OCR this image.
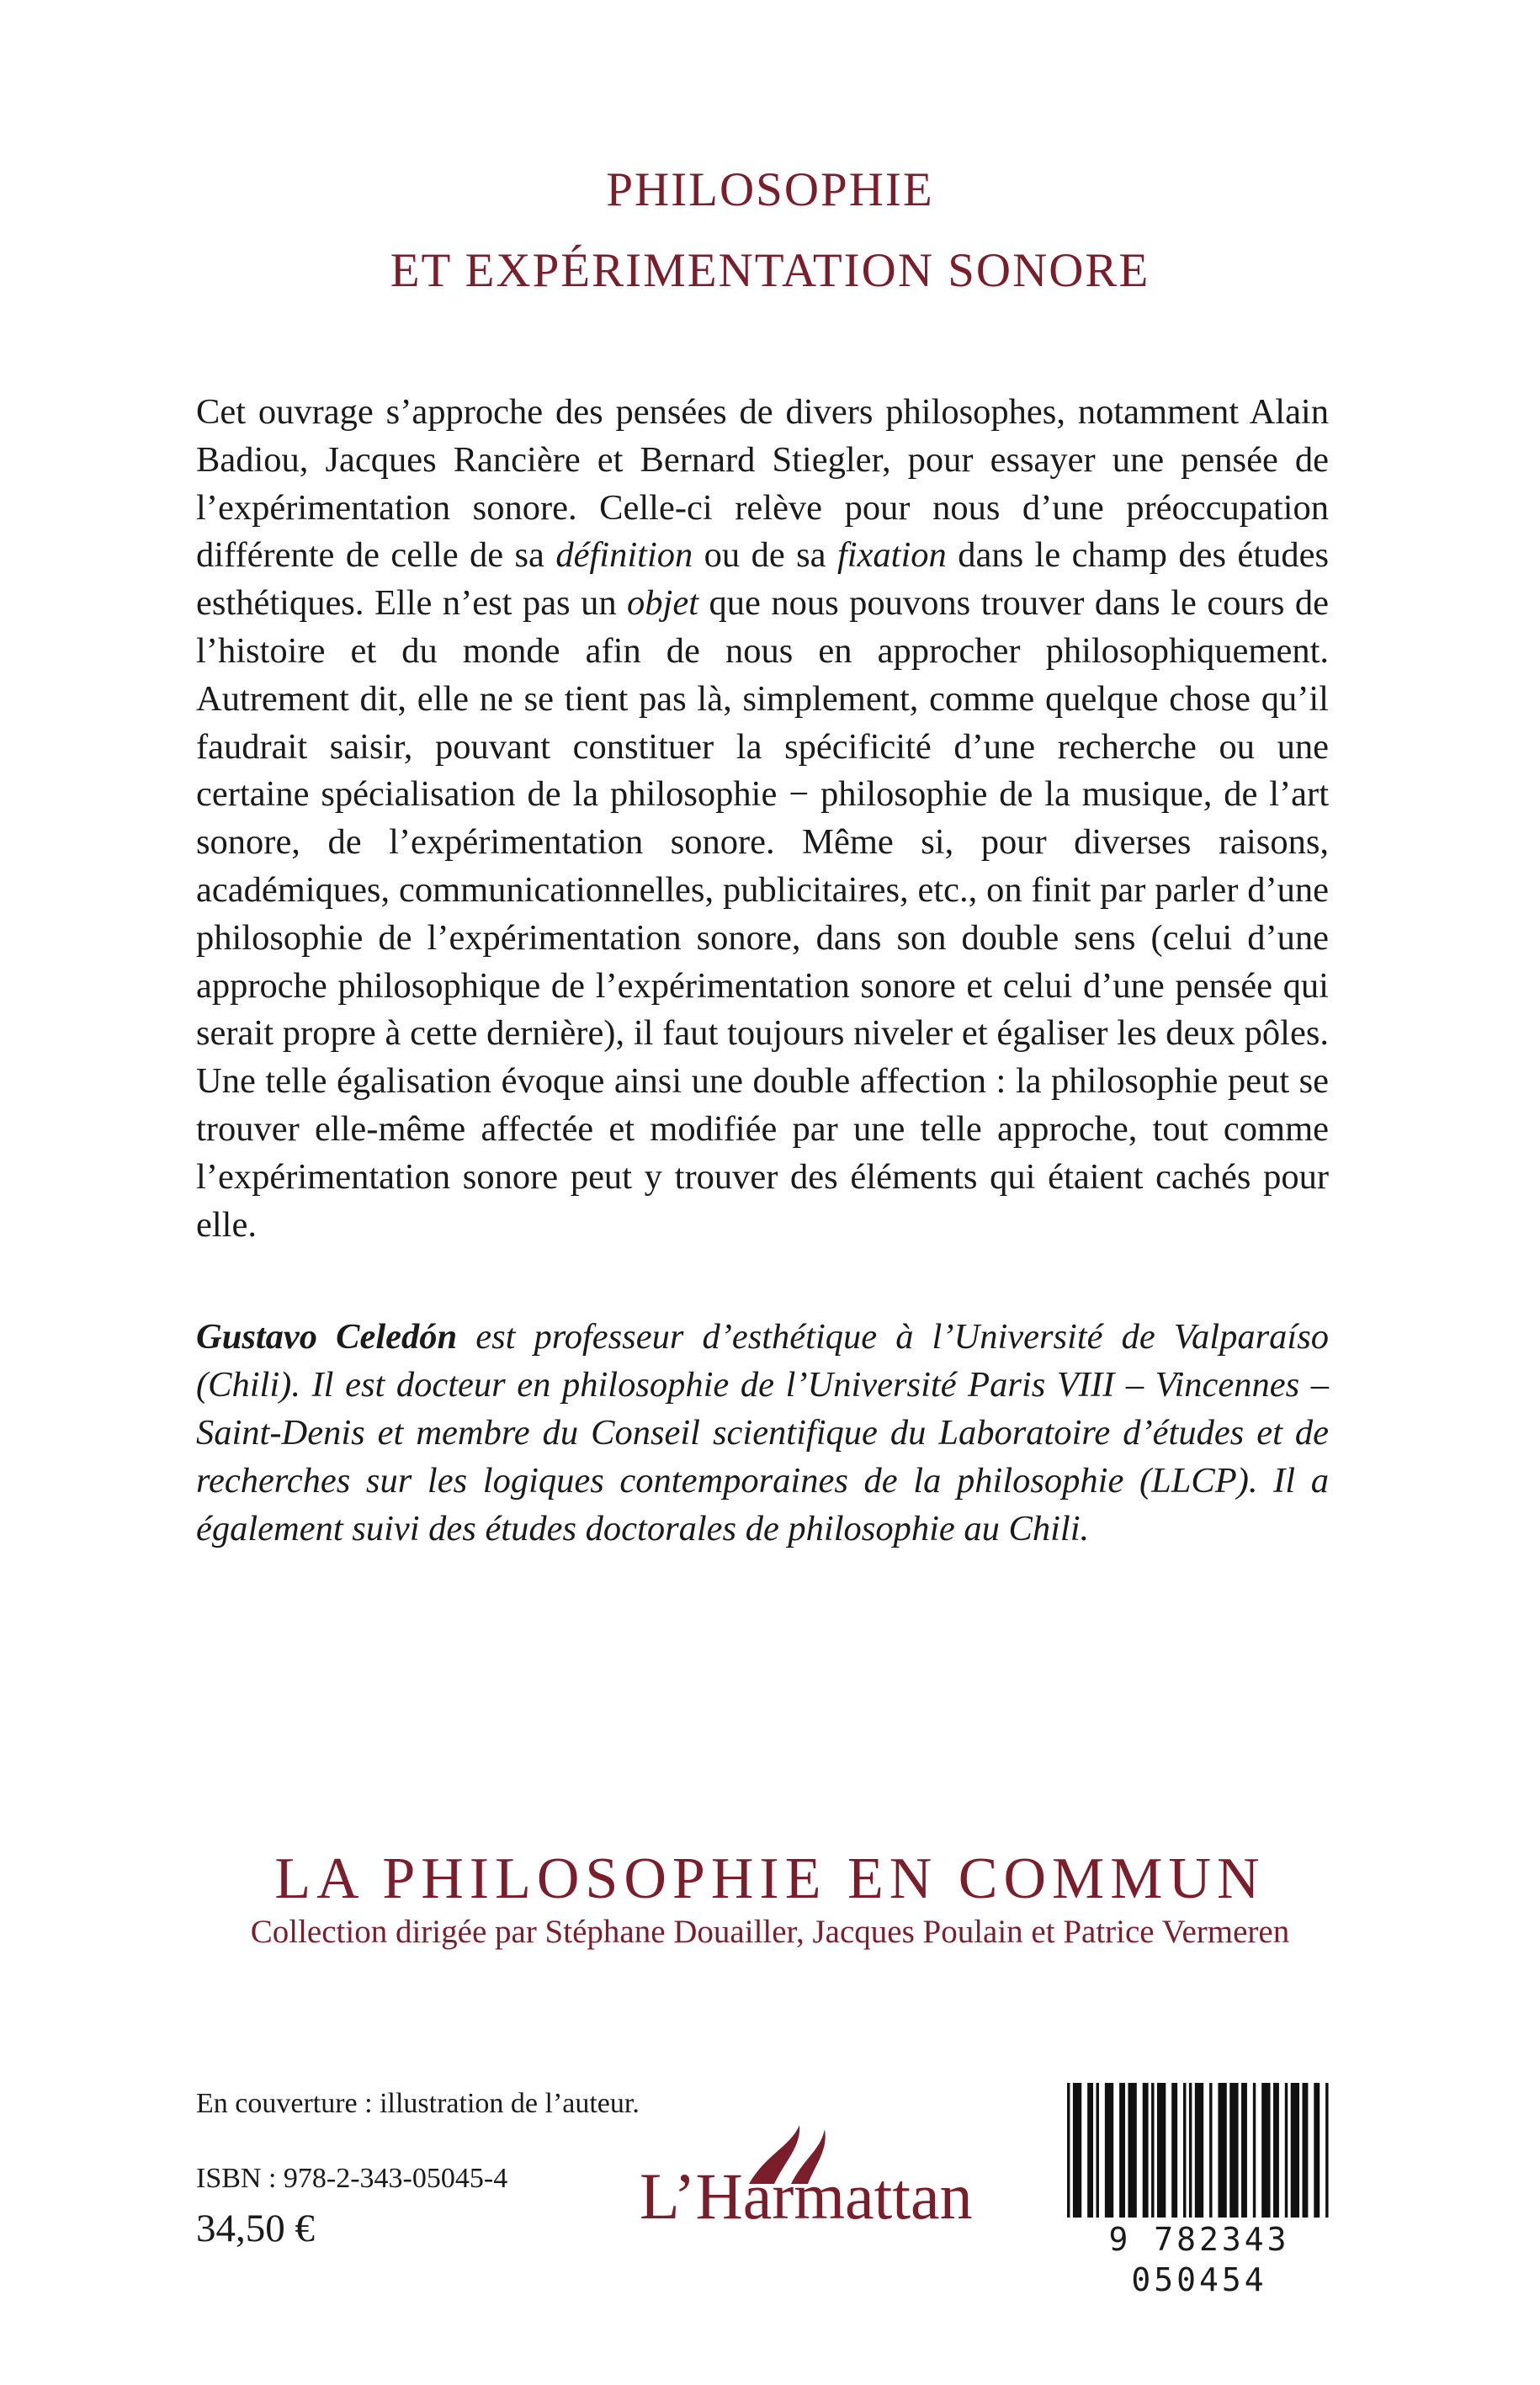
PHILOSOPHIE
ET EXPÉRIMENTATION SONORE

Cet ouvrage s’approche des pensées de divers philosophes, notamment Alain Badiou, Jacques Rancière et Bernard Stiegler, pour essayer une pensée de l’expérimentation sonore. Celle-ci relève pour nous d’une préoccupation différente de celle de sa définition ou de sa fixation dans le champ des études esthétiques. Elle n’est pas un objet que nous pouvons trouver dans le cours de l’histoire et du monde afin de nous en approcher philosophiquement. Autrement dit, elle ne se tient pas là, simplement, comme quelque chose qu’il faudrait saisir, pouvant constituer la spécificité d’une recherche ou une certaine spécialisation de la philosophie − philosophie de la musique, de l’art sonore, de l’expérimentation sonore. Même si, pour diverses raisons, académiques, communicationnelles, publicitaires, etc., on finit par parler d’une philosophie de l’expérimentation sonore, dans son double sens (celui d’une approche philosophique de l’expérimentation sonore et celui d’une pensée qui serait propre à cette dernière), il faut toujours niveler et égaliser les deux pôles. Une telle égalisation évoque ainsi une double affection : la philosophie peut se trouver elle-même affectée et modifiée par une telle approche, tout comme l’expérimentation sonore peut y trouver des éléments qui étaient cachés pour elle.

Gustavo Celedón est professeur d’esthétique à l’Université de Valparaíso (Chili). Il est docteur en philosophie de l’Université Paris VIII – Vincennes – Saint-Denis et membre du Conseil scientifique du Laboratoire d’études et de recherches sur les logiques contemporaines de la philosophie (LLCP). Il a également suivi des études doctorales de philosophie au Chili.

LA PHILOSOPHIE EN COMMUN
Collection dirigée par Stéphane Douailler, Jacques Poulain et Patrice Vermeren
En couverture : illustration de l’auteur.
ISBN : 978-2-343-05045-4
34,50 €	L’Harmattan
9 782343 050454
